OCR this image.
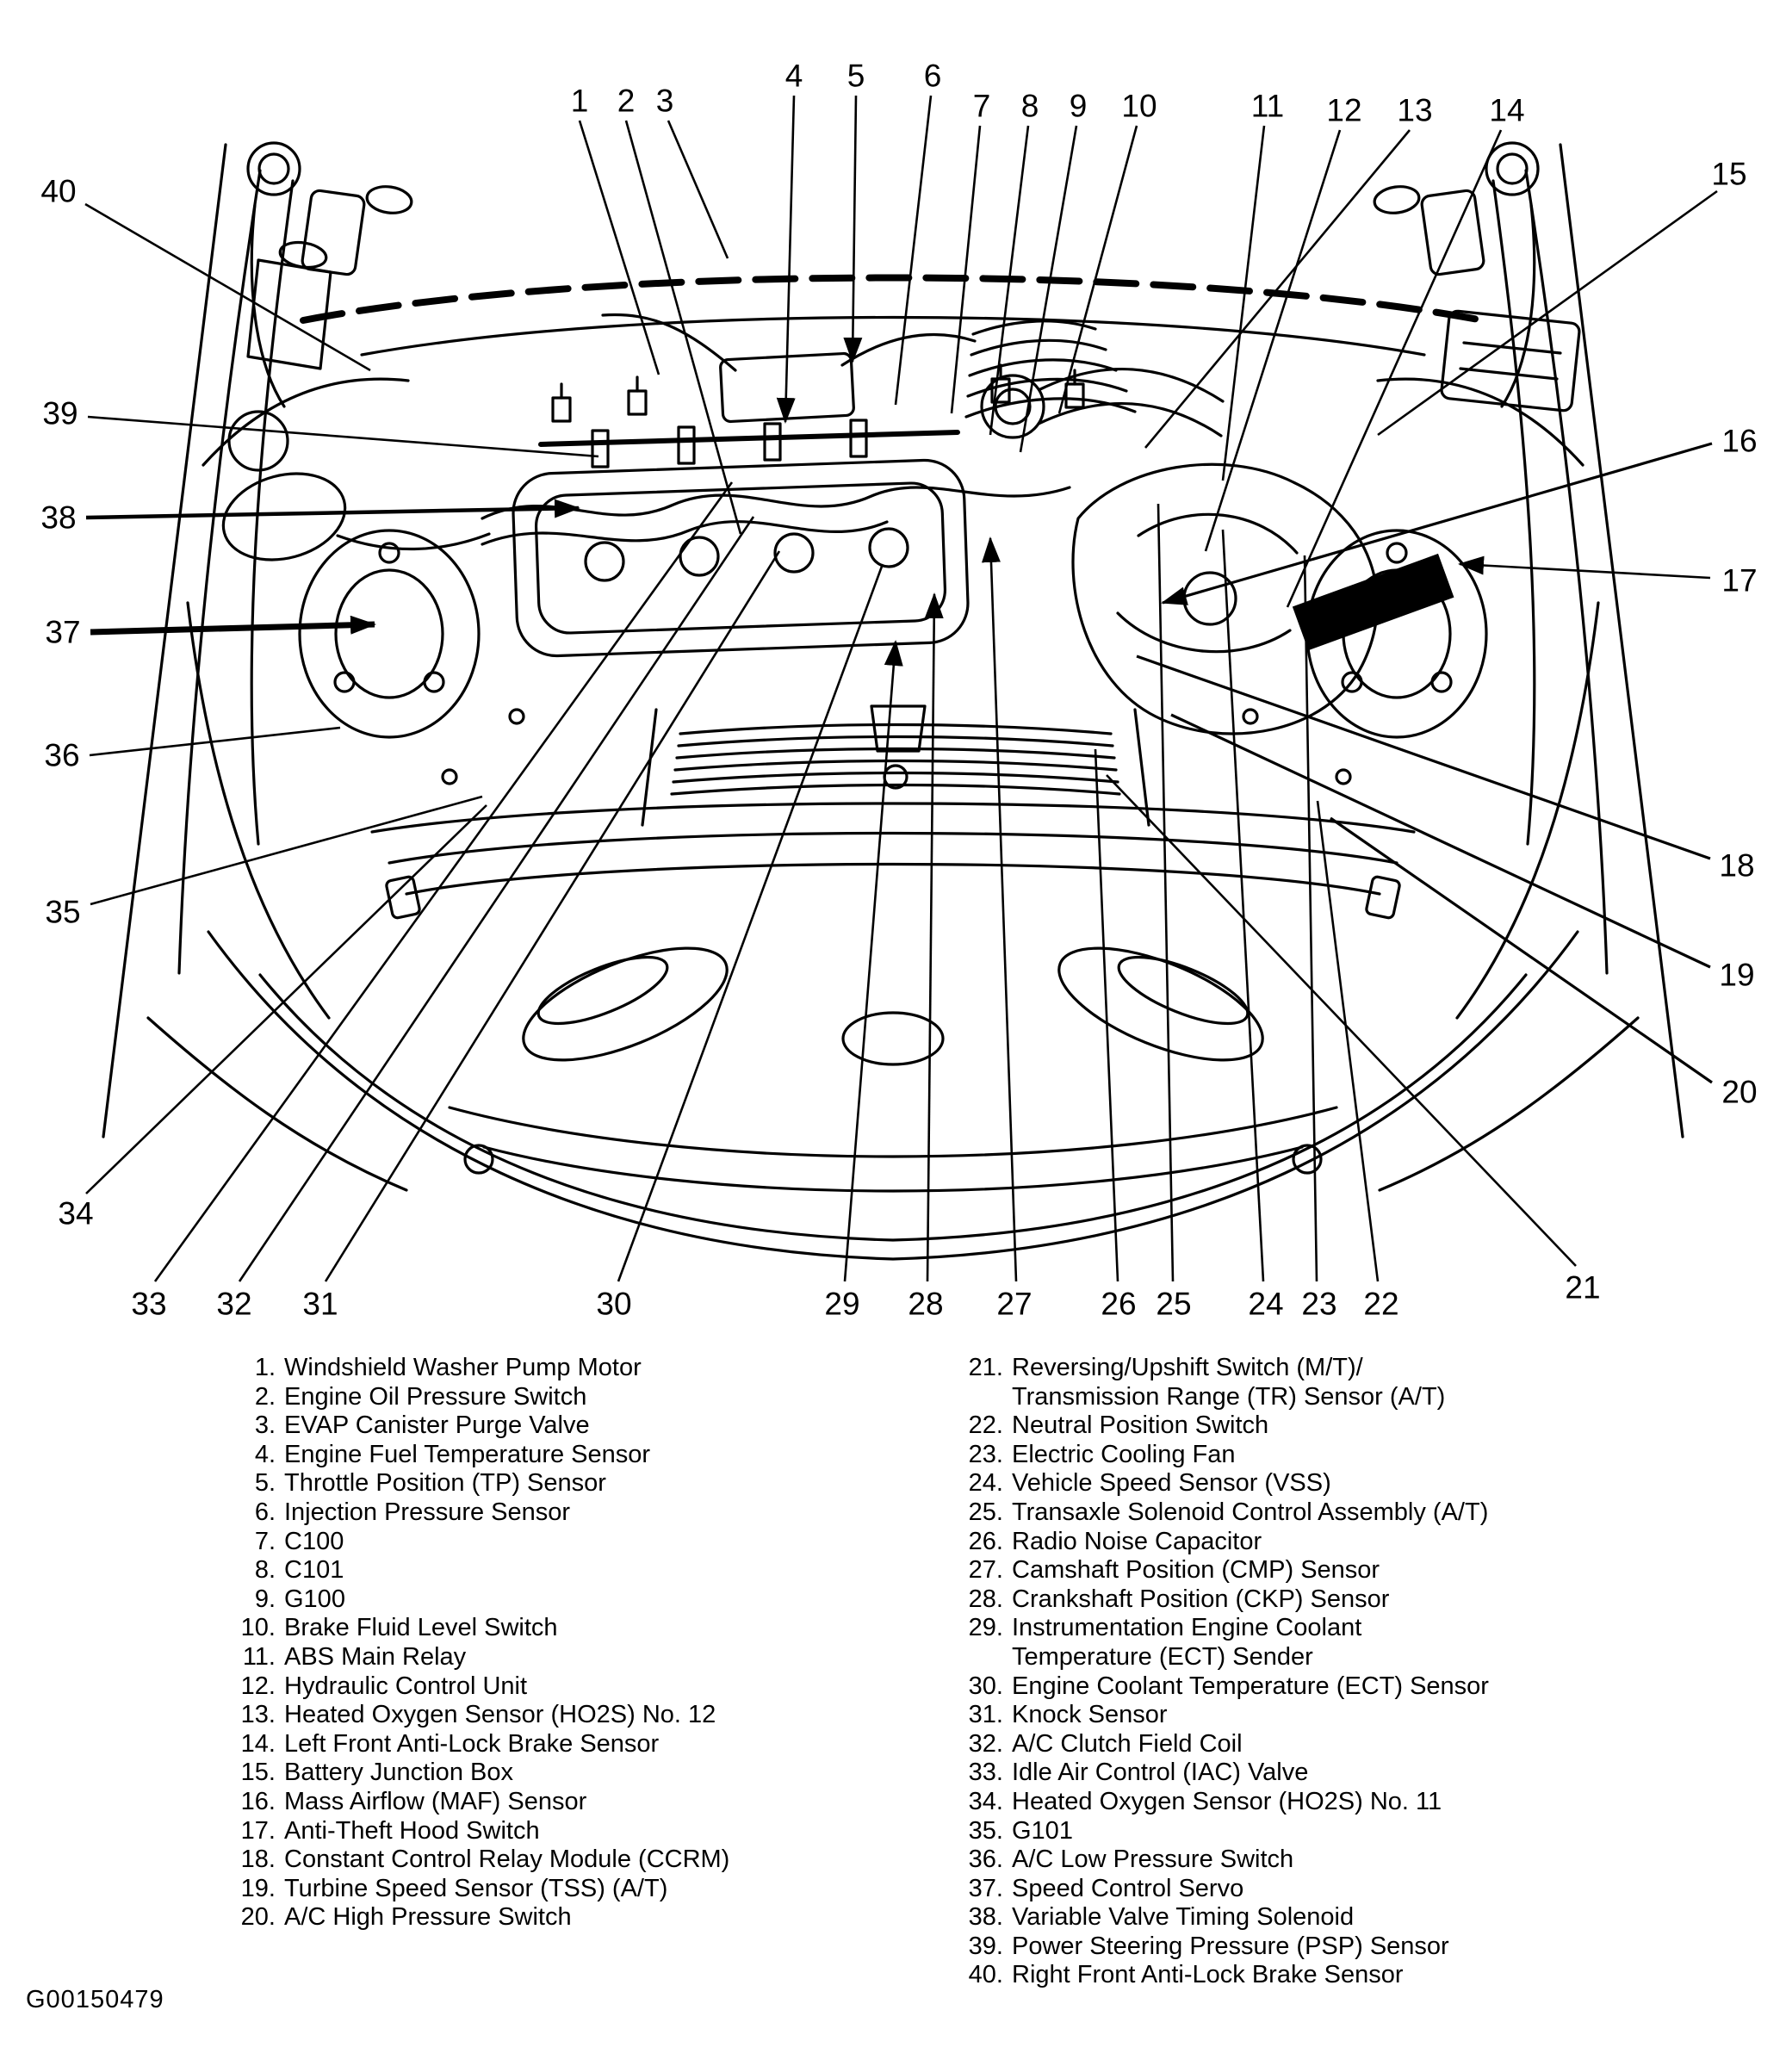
1 2 3
4 5 6
7 8 9 10	11 12 13 14
15
16
17
18
19
20
21
22
23
24
25
26
27
28
29
30
31
32
33
34
35
36
37
38
39
40
1. Windshield Washer Pump Motor
2. Engine Oil Pressure Switch
3. EVAP Canister Purge Valve
4. Engine Fuel Temperature Sensor
5. Throttle Position (TP) Sensor
6. Injection Pressure Sensor
7. C100
8. C101
9. G100
10. Brake Fluid Level Switch
11. ABS Main Relay
12. Hydraulic Control Unit
13. Heated Oxygen Sensor (HO2S) No. 12
14. Left Front Anti-Lock Brake Sensor
15. Battery Junction Box
16. Mass Airflow (MAF) Sensor
17. Anti-Theft Hood Switch
18. Constant Control Relay Module (CCRM)
19. Turbine Speed Sensor (TSS) (A/T)
20. A/C High Pressure Switch
21. Reversing/Upshift Switch (M/T)/
Transmission Range (TR) Sensor (A/T)
22. Neutral Position Switch
23. Electric Cooling Fan
24. Vehicle Speed Sensor (VSS)
25. Transaxle Solenoid Control Assembly (A/T)
26. Radio Noise Capacitor
27. Camshaft Position (CMP) Sensor
28. Crankshaft Position (CKP) Sensor
29. Instrumentation Engine Coolant
Temperature (ECT) Sender
30. Engine Coolant Temperature (ECT) Sensor
31. Knock Sensor
32. A/C Clutch Field Coil
33. Idle Air Control (IAC) Valve
34. Heated Oxygen Sensor (HO2S) No. 11
35. G101
36. A/C Low Pressure Switch
37. Speed Control Servo
38. Variable Valve Timing Solenoid
39. Power Steering Pressure (PSP) Sensor
40. Right Front Anti-Lock Brake Sensor
G00150479
